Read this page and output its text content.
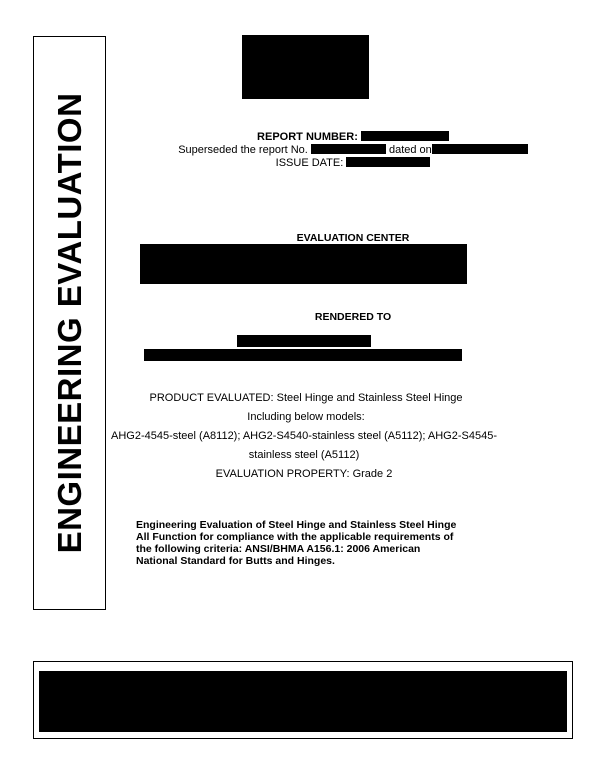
ENGINEERING EVALUATION	REPORT NUMBER:
Superseded the report No.	dated on
ISSUE DATE:
EVALUATION CENTER
RENDERED TO
PRODUCT EVALUATED: Steel Hinge and Stainless Steel Hinge
Including below models:
AHG2-4545-steel (A8112); AHG2-S4540-stainless steel (A5112); AHG2-S4545-
stainless steel (A5112)
EVALUATION PROPERTY: Grade 2
Engineering Evaluation of Steel Hinge and Stainless Steel Hinge
All Function for compliance with the applicable requirements of
the following criteria: ANSI/BHMA A156.1: 2006 American
National Standard for Butts and Hinges.
